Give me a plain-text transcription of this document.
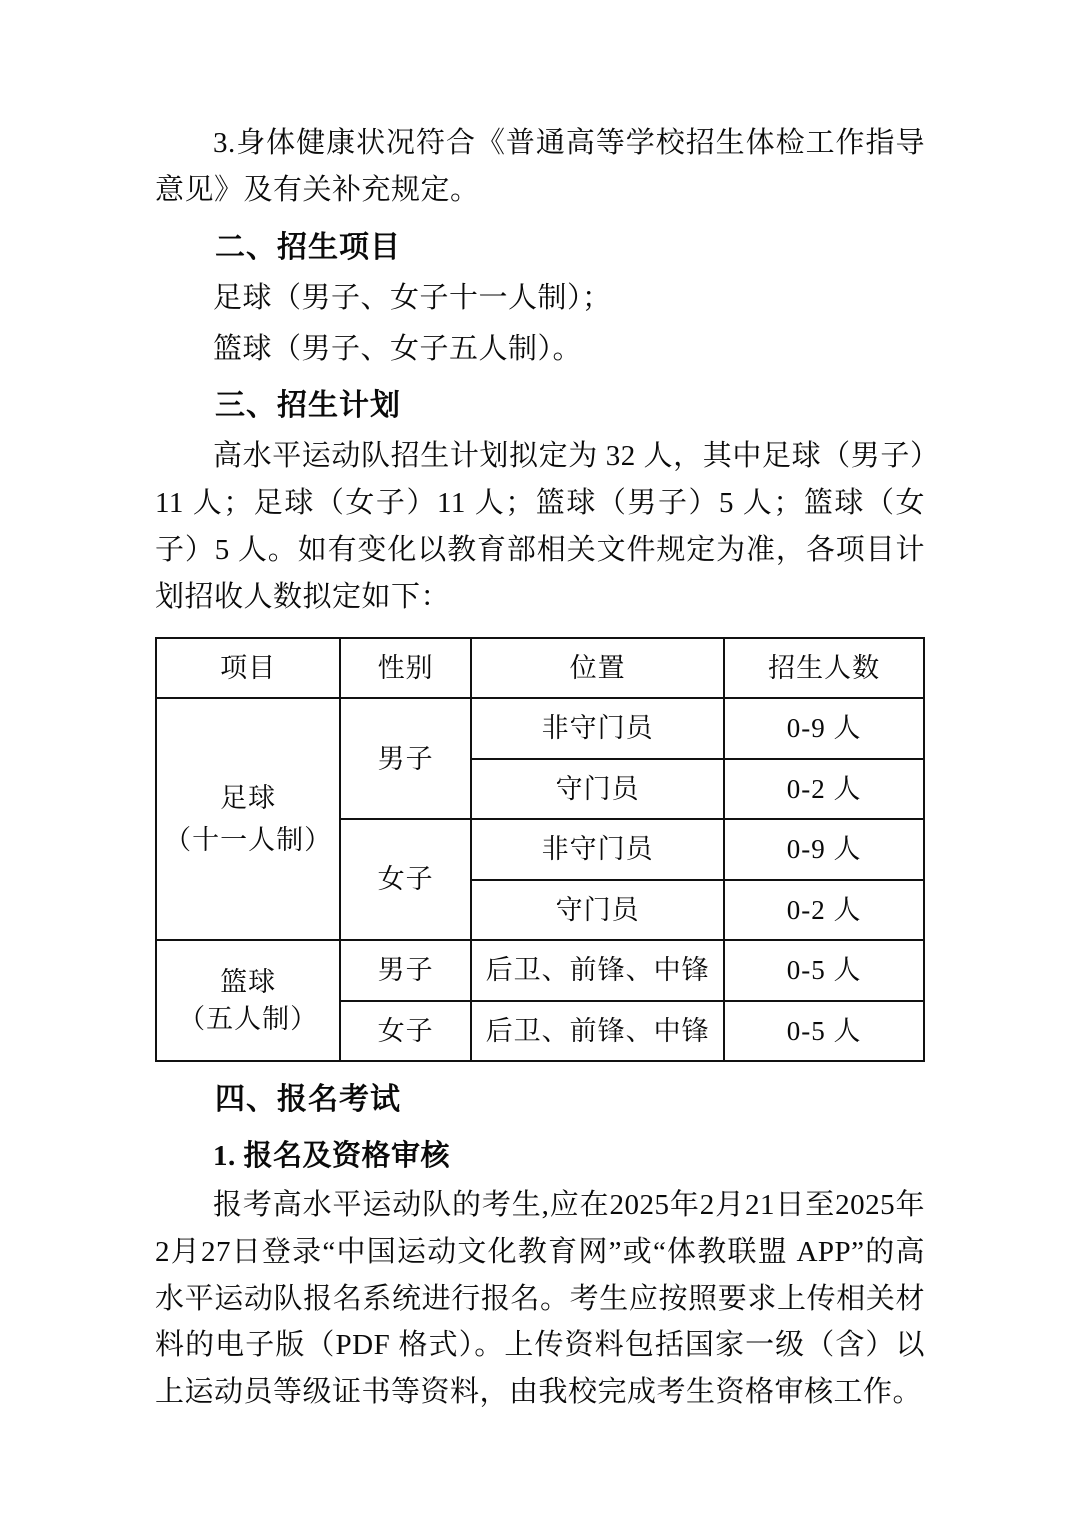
3.身体健康状况符合《普通高等学校招生体检工作指导意见》及有关补充规定。

二、招生项目

足球（男子、女子十一人制）；

篮球（男子、女子五人制）。

三、招生计划

高水平运动队招生计划拟定为 32 人，其中足球（男子）11 人；足球（女子）11 人；篮球（男子）5 人；篮球（女子）5 人。如有变化以教育部相关文件规定为准，各项目计划招收人数拟定如下：

项目	性别	位置	招生人数

足球
（十一人制）	男子	非守门员	0-9 人
		守门员	0-2 人
	女子	非守门员	0-9 人
		守门员	0-2 人

篮球
（五人制）	男子	后卫、前锋、中锋	0-5 人
	女子	后卫、前锋、中锋	0-5 人

四、报名考试

1. 报名及资格审核

报考高水平运动队的考生,应在2025年2月21日至2025年2月27日登录“中国运动文化教育网”或“体教联盟 APP”的高水平运动队报名系统进行报名。考生应按照要求上传相关材料的电子版（PDF 格式）。上传资料包括国家一级（含）以上运动员等级证书等资料，由我校完成考生资格审核工作。
